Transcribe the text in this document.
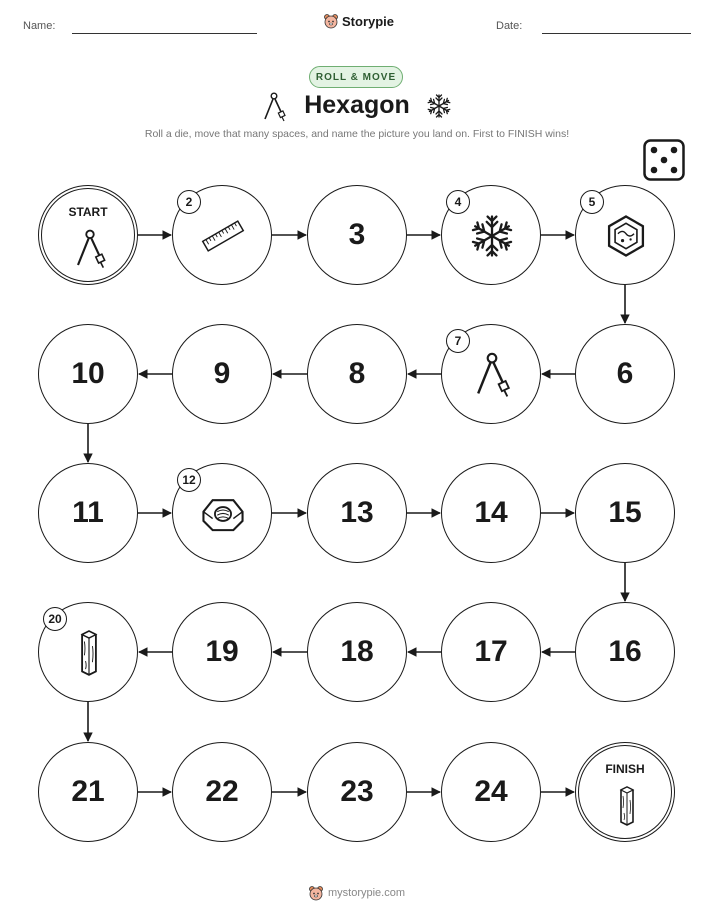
Name:	Storypie	Date:
ROLL & MOVE
Hexagon
Roll a die, move that many spaces, and name the picture you land on. First to FINISH wins!
START
2
3
4	5
6
7
8
9
10
11
12
13	14	15
16
17
18
19
20
21	22	23	24
FINISH
mystorypie.com
